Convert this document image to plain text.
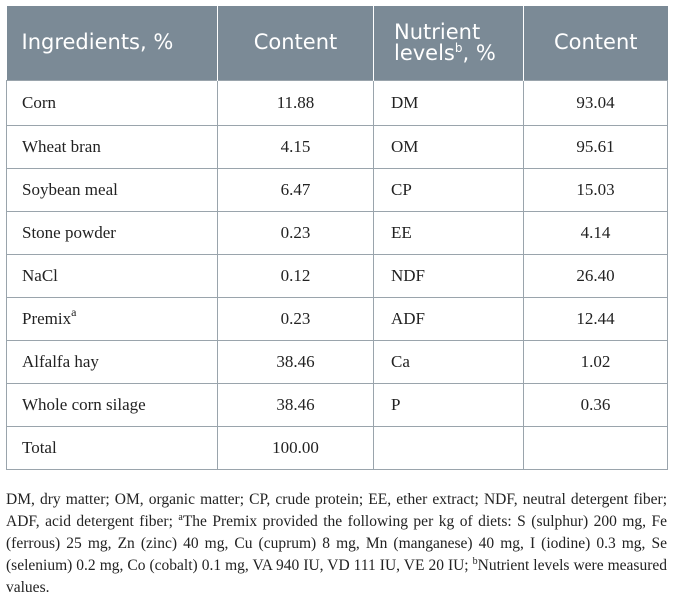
Ingredients, %	Content	Nutrient levels$^b$, %	Content
Corn	11.88	DM	93.04
Wheat bran	4.15	OM	95.61
Soybean meal	6.47	CP	15.03
Stone powder	0.23	EE	4.14
NaCl	0.12	NDF	26.40
Premix$^a$	0.23	ADF	12.44
Alfalfa hay	38.46	Ca	1.02
Whole corn silage	38.46	P	0.36
Total	100.00		
DM, dry matter; OM, organic matter; CP, crude protein; EE, ether extract; NDF, neutral detergent fiber; ADF, acid detergent fiber; $^a$The Premix provided the following per kg of diets: S (sulphur) 200 mg, Fe (ferrous) 25 mg, Zn (zinc) 40 mg, Cu (cuprum) 8 mg, Mn (manganese) 40 mg, I (iodine) 0.3 mg, Se (selenium) 0.2 mg, Co (cobalt) 0.1 mg, VA 940 IU, VD 111 IU, VE 20 IU; $^b$Nutrient levels were measured values.
